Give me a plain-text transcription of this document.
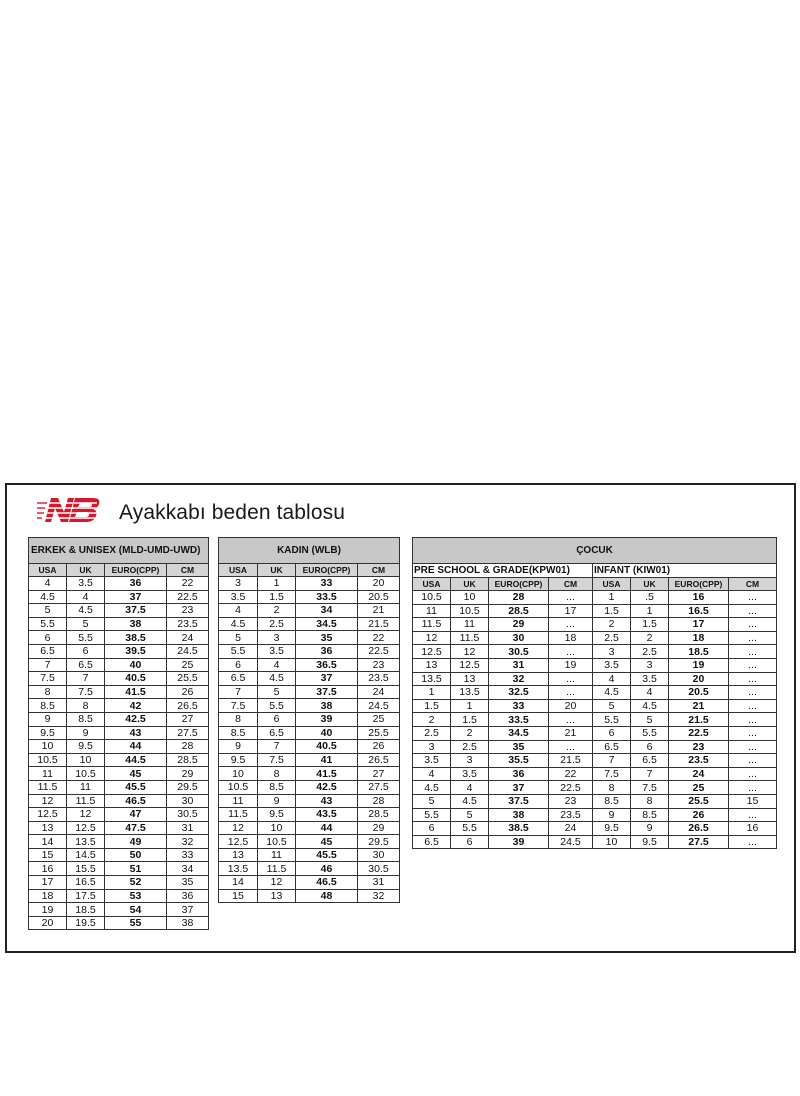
Ayakkabı beden tablosu
ERKEK & UNISEX (MLD-UMD-UWD)			
USA	UK	EURO(CPP)	CM
4	3.5	36	22
4.5	4	37	22.5
5	4.5	37.5	23
5.5	5	38	23.5
6	5.5	38.5	24
6.5	6	39.5	24.5
7	6.5	40	25
7.5	7	40.5	25.5
8	7.5	41.5	26
8.5	8	42	26.5
9	8.5	42.5	27
9.5	9	43	27.5
10	9.5	44	28
10.5	10	44.5	28.5
11	10.5	45	29
11.5	11	45.5	29.5
12	11.5	46.5	30
12.5	12	47	30.5
13	12.5	47.5	31
14	13.5	49	32
15	14.5	50	33
16	15.5	51	34
17	16.5	52	35
18	17.5	53	36
19	18.5	54	37
20	19.5	55	38
KADIN (WLB)			
USA	UK	EURO(CPP)	CM
3	1	33	20
3.5	1.5	33.5	20.5
4	2	34	21
4.5	2.5	34.5	21.5
5	3	35	22
5.5	3.5	36	22.5
6	4	36.5	23
6.5	4.5	37	23.5
7	5	37.5	24
7.5	5.5	38	24.5
8	6	39	25
8.5	6.5	40	25.5
9	7	40.5	26
9.5	7.5	41	26.5
10	8	41.5	27
10.5	8.5	42.5	27.5
11	9	43	28
11.5	9.5	43.5	28.5
12	10	44	29
12.5	10.5	45	29.5
13	11	45.5	30
13.5	11.5	46	30.5
14	12	46.5	31
15	13	48	32
ÇOCUK							
PRE SCHOOL & GRADE(KPW01)				INFANT (KIW01)			
USA	UK	EURO(CPP)	CM	USA	UK	EURO(CPP)	CM
10.5	10	28	...	1	.5	16	...
11	10.5	28.5	17	1.5	1	16.5	...
11.5	11	29	...	2	1.5	17	...
12	11.5	30	18	2.5	2	18	...
12.5	12	30.5	...	3	2.5	18.5	...
13	12.5	31	19	3.5	3	19	...
13.5	13	32	...	4	3.5	20	...
1	13.5	32.5	...	4.5	4	20.5	...
1.5	1	33	20	5	4.5	21	...
2	1.5	33.5	...	5.5	5	21.5	...
2.5	2	34.5	21	6	5.5	22.5	...
3	2.5	35	...	6.5	6	23	...
3.5	3	35.5	21.5	7	6.5	23.5	...
4	3.5	36	22	7.5	7	24	...
4.5	4	37	22.5	8	7.5	25	...
5	4.5	37.5	23	8.5	8	25.5	15
5.5	5	38	23.5	9	8.5	26	...
6	5.5	38.5	24	9.5	9	26.5	16
6.5	6	39	24.5	10	9.5	27.5	...
